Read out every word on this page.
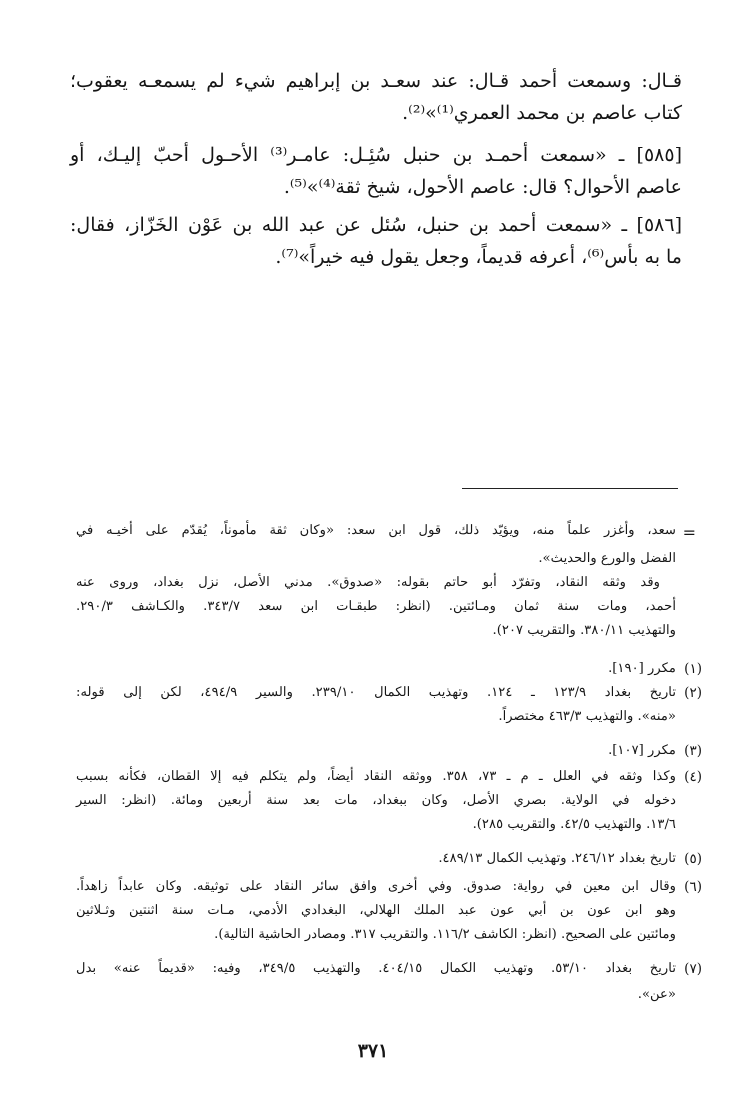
قـال: وسمعت أحمد قـال: عند سعـد بن إبراهيم شيء لم يسمعـه يعقوب؛
كتاب عاصم بن محمد العمري⁽¹⁾»⁽²⁾.
[٥٨٥] ـ «سمعت أحمـد بن حنبل سُئِـل: عامـر⁽³⁾ الأحـول أحبّ إليـك، أو
عاصم الأحوال؟ قال: عاصم الأحول، شيخ ثقة⁽⁴⁾»⁽⁵⁾.
[٥٨٦] ـ «سمعت أحمد بن حنبل، سُئل عن عبد الله بن عَوْن الخَزّاز، فقال:
ما به بأس⁽⁶⁾، أعرفه قديماً، وجعل يقول فيه خيراً»⁽⁷⁾.
=
سعد، وأغزر علماً منه، ويؤيّد ذلك، قول ابن سعد: «وكان ثقة مأموناً، يُقدّم على أخيـه في
الفضل والورع والحديث».
وقد وثقه النقاد، وتفرّد أبو حاتم بقوله: «صدوق». مدني الأصل، نزل بغداد، وروى عنه
أحمد، ومات سنة ثمان ومـائتين. (انظر: طبقـات ابن سعد ٣٤٣/٧. والكـاشف ٢٩٠/٣.
والتهذيب ٣٨٠/١١. والتقريب ٢٠٧).
(١)
مكرر [١٩٠].
(٢)
تاريخ بغداد ١٢٣/٩ ـ ١٢٤. وتهذيب الكمال ٢٣٩/١٠. والسير ٤٩٤/٩، لكن إلى قوله:
«منه». والتهذيب ٤٦٣/٣ مختصراً.
(٣)
مكرر [١٠٧].
(٤)
وكذا وثقه في العلل ـ م ـ ٧٣، ٣٥٨. ووثقه النقاد أيضاً، ولم يتكلم فيه إلا القطان، فكأنه بسبب
دخوله في الولاية. بصري الأصل، وكان ببغداد، مات بعد سنة أربعين ومائة. (انظر: السير
١٣/٦. والتهذيب ٤٢/٥. والتقريب ٢٨٥).
(٥)
تاريخ بغداد ٢٤٦/١٢. وتهذيب الكمال ٤٨٩/١٣.
(٦)
وقال ابن معين في رواية: صدوق. وفي أخرى وافق سائر النقاد على توثيقه. وكان عابداً زاهداً.
وهو ابن عون بن أبي عون عبد الملك الهلالي، البغدادي الأدمي، مـات سنة اثنتين وثـلاثين
ومائتين على الصحيح. (انظر: الكاشف ١١٦/٢. والتقريب ٣١٧. ومصادر الحاشية التالية).
(٧)
تاريخ بغداد ٥٣/١٠. وتهذيب الكمال ٤٠٤/١٥. والتهذيب ٣٤٩/٥، وفيه: «قديماً عنه» بدل
«عن».
٣٧١
